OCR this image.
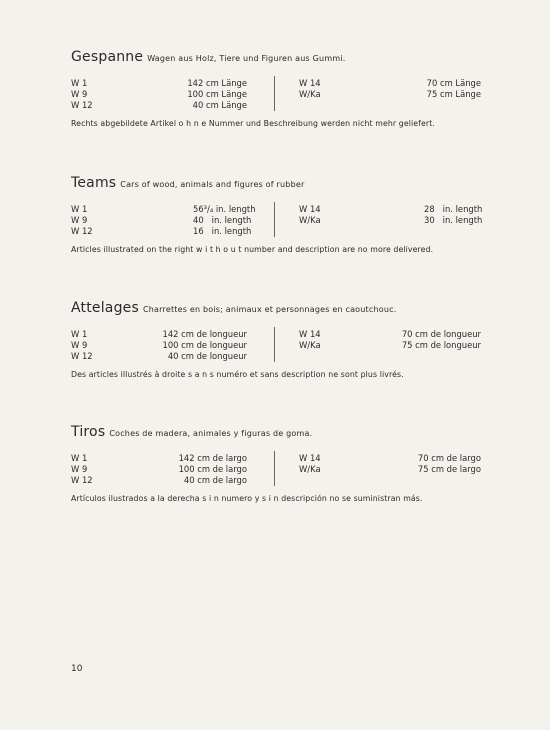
Gespanne Wagen aus Holz, Tiere und Figuren aus Gummi.
W 1
W 9
W 12
142 cm Länge
100 cm Länge
40 cm Länge
W 14
W/Ka
70 cm Länge
75 cm Länge
Rechts abgebildete Artikel o h n e Nummer und Beschreibung werden nicht mehr geliefert.
Teams Cars of wood, animals and figures of rubber
W 1
W 9
W 12
56³/₄ in. length
40   in. length
16   in. length
W 14
W/Ka
28   in. length
30   in. length
Articles illustrated on the right w i t h o u t number and description are no more delivered.
Attelages Charrettes en bois; animaux et personnages en caoutchouc.
W 1
W 9
W 12
142 cm de longueur
100 cm de longueur
40 cm de longueur
W 14
W/Ka
70 cm de longueur
75 cm de longueur
Des articles illustrés à droite s a n s numéro et sans description ne sont plus livrés.
Tiros Coches de madera, animales y figuras de goma.
W 1
W 9
W 12
142 cm de largo
100 cm de largo
40 cm de largo
W 14
W/Ka
70 cm de largo
75 cm de largo
Artículos ilustrados a la derecha s i n numero y s i n descripción no se suministran más.
10
